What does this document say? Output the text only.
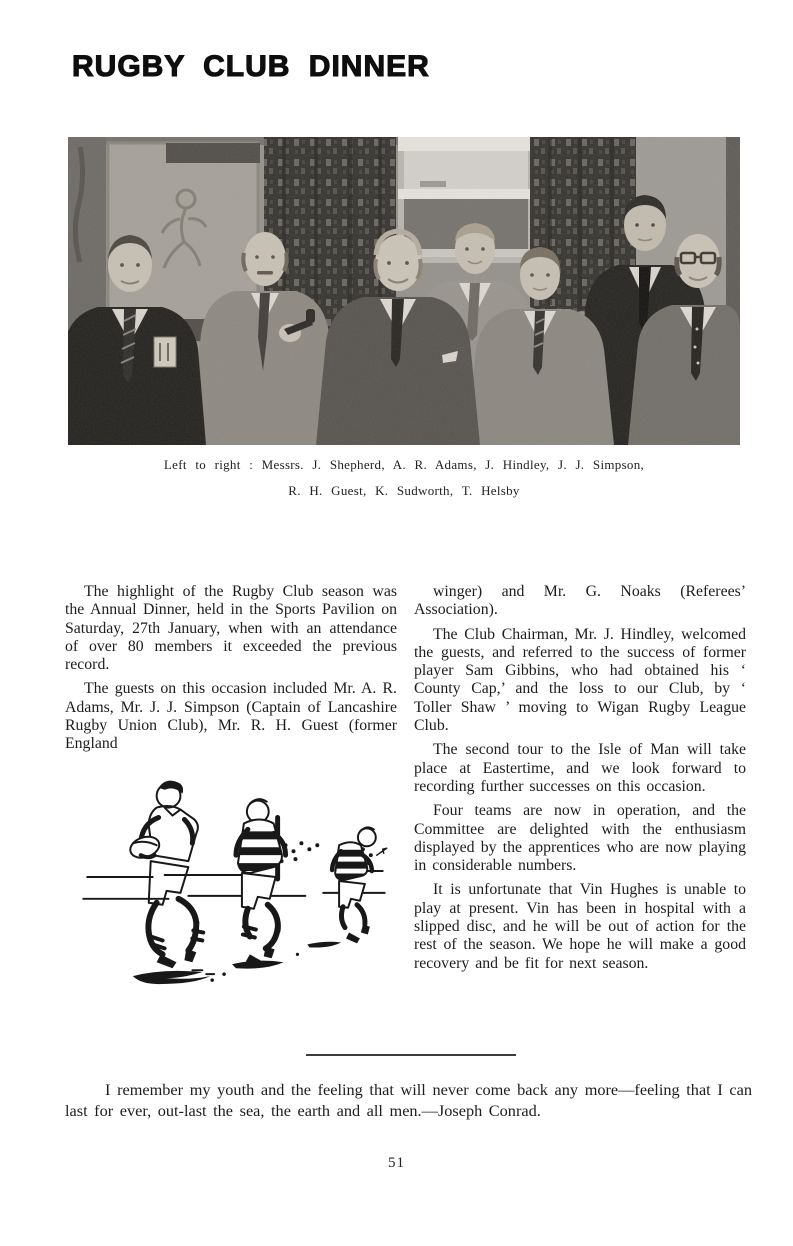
RUGBY CLUB DINNER
Left to right : Messrs. J. Shepherd, A. R. Adams, J. Hindley, J. J. Simpson,
R. H. Guest, K. Sudworth, T. Helsby

The highlight of the Rugby Club season was the Annual Dinner, held in the Sports Pavilion on Saturday, 27th January, when with an attendance of over 80 members it exceeded the previous record.

The guests on this occasion included Mr. A. R. Adams, Mr. J. J. Simpson (Captain of Lancashire Rugby Union Club), Mr. R. H. Guest (former England

winger) and Mr. G. Noaks (Referees’ Association).

The Club Chairman, Mr. J. Hindley, welcomed the guests, and referred to the success of former player Sam Gibbins, who had obtained his ‘ County Cap,’ and the loss to our Club, by ‘ Toller Shaw ’ moving to Wigan Rugby League Club.

The second tour to the Isle of Man will take place at Eastertime, and we look forward to recording further successes on this occasion.

Four teams are now in operation, and the Committee are delighted with the enthusiasm displayed by the apprentices who are now playing in considerable numbers.

It is unfortunate that Vin Hughes is unable to play at present. Vin has been in hospital with a slipped disc, and he will be out of action for the rest of the season. We hope he will make a good recovery and be fit for next season.

I remember my youth and the feeling that will never come back any more—feeling that I can last for ever, out-last the sea, the earth and all men.—Joseph Conrad.

51
